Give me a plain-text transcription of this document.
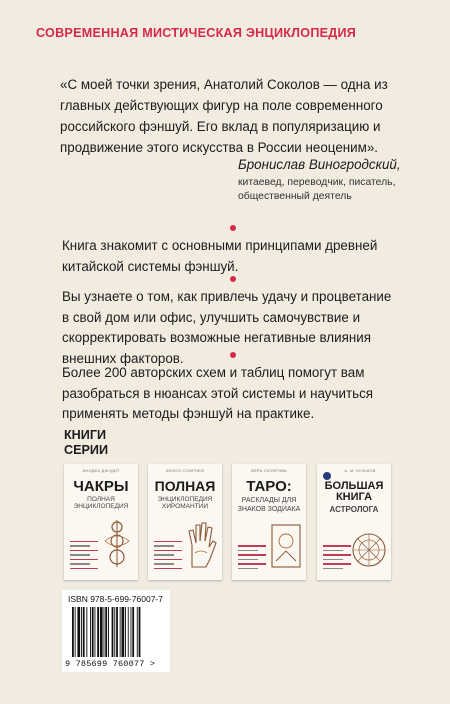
СОВРЕМЕННАЯ МИСТИЧЕСКАЯ ЭНЦИКЛОПЕДИЯ
«С моей точки зрения, Анатолий Соколов — одна из главных действующих фигур на поле современного российского фэншуй. Его вклад в популяризацию и продвижение этого искусства в России неоценим».
Бронислав Виногродский,
китаевед, переводчик, писатель, общественный деятель
Книга знакомит с основными принципами древней китайской системы фэншуй.
Вы узнаете о том, как привлечь удачу и процветание в свой дом или офис, улучшить самочувствие и скорректировать возможные негативные влияния внешних факторов.
Более 200 авторских схем и таблиц помогут вам разобраться в нюансах этой системы и научиться применять методы фэншуй на практике.
КНИГИ СЕРИИ
АНОДЕА ДЖУДИТ
ЧАКРЫ
ПОЛНАЯ ЭНЦИКЛОПЕДИЯ
ЮЛИУС СПИРНЕЙ
ПОЛНАЯ
ЭНЦИКЛОПЕДИЯ ХИРОМАНТИИ
ВЕРА СКЛЯРОВА
ТАРО:
РАСКЛАДЫ ДЛЯ ЗНАКОВ ЗОДИАКА
А. М. КУЛЬКОВ
БОЛЬШАЯ КНИГА
АСТРОЛОГА
ISBN 978-5-699-76007-7
9 785699 760077 >
